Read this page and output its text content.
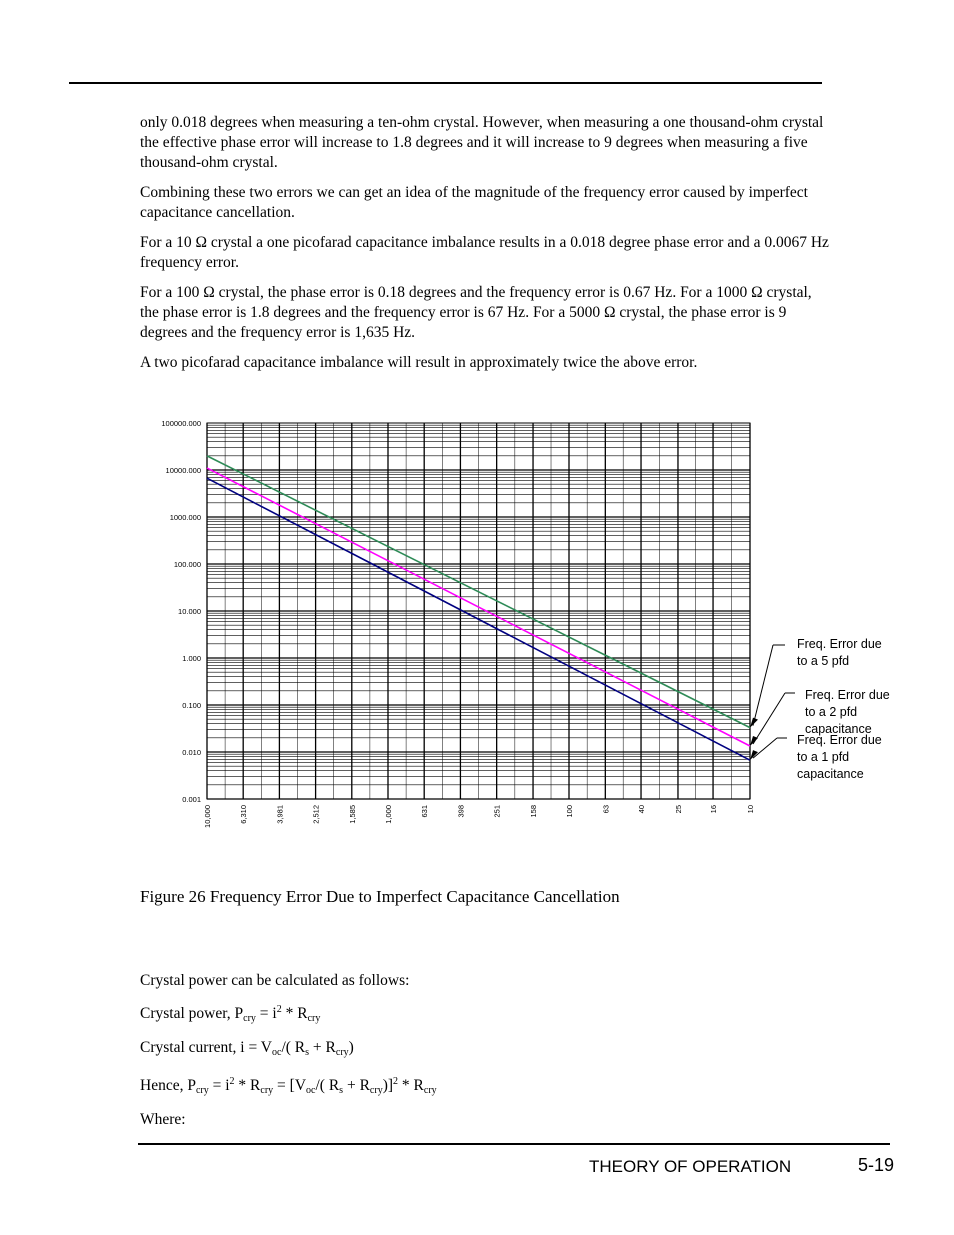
only 0.018 degrees when measuring a ten-ohm crystal. However, when measuring a one thousand-ohm crystal the effective phase error will increase to 1.8 degrees and it will increase to 9 degrees when measuring a five thousand-ohm crystal.

Combining these two errors we can get an idea of the magnitude of the frequency error caused by imperfect capacitance cancellation.

For a 10 Ω crystal a one picofarad capacitance imbalance results in a 0.018 degree phase error and a 0.0067 Hz frequency error.

For a 100 Ω crystal, the phase error is 0.18 degrees and the frequency error is 0.67 Hz. For a 1000 Ω crystal, the phase error is 1.8 degrees and the frequency error is 67 Hz. For a 5000 Ω crystal, the phase error is 9 degrees and the frequency error is 1,635 Hz.

A two picofarad capacitance imbalance will result in approximately twice the above error.

0.001
0.010
0.100
1.000
10.000
100.000
1000.000
10000.000
100000.000
10,000	6,310	3,981	2,512	1,585	1,000	631	398	251	158	100	63	40	25	16	10
Freq. Error due
to a 5 pfd
Freq. Error due
to a 2 pfd
capacitance
Freq. Error due
to a 1 pfd
capacitance
Figure 26 Frequency Error Due to Imperfect Capacitance Cancellation

Crystal power can be calculated as follows:

Crystal power, $P_{cry} = i^2 * R_{cry}$

Crystal current, $i = V_{oc}/$( $R_s + R_{cry}$)

Hence, $P_{cry} = i^2 * R_{cry} = [V_{oc}/$( $R_s + R_{cry})]^2 * R_{cry}$

Where:

THEORY OF OPERATION	5-19
